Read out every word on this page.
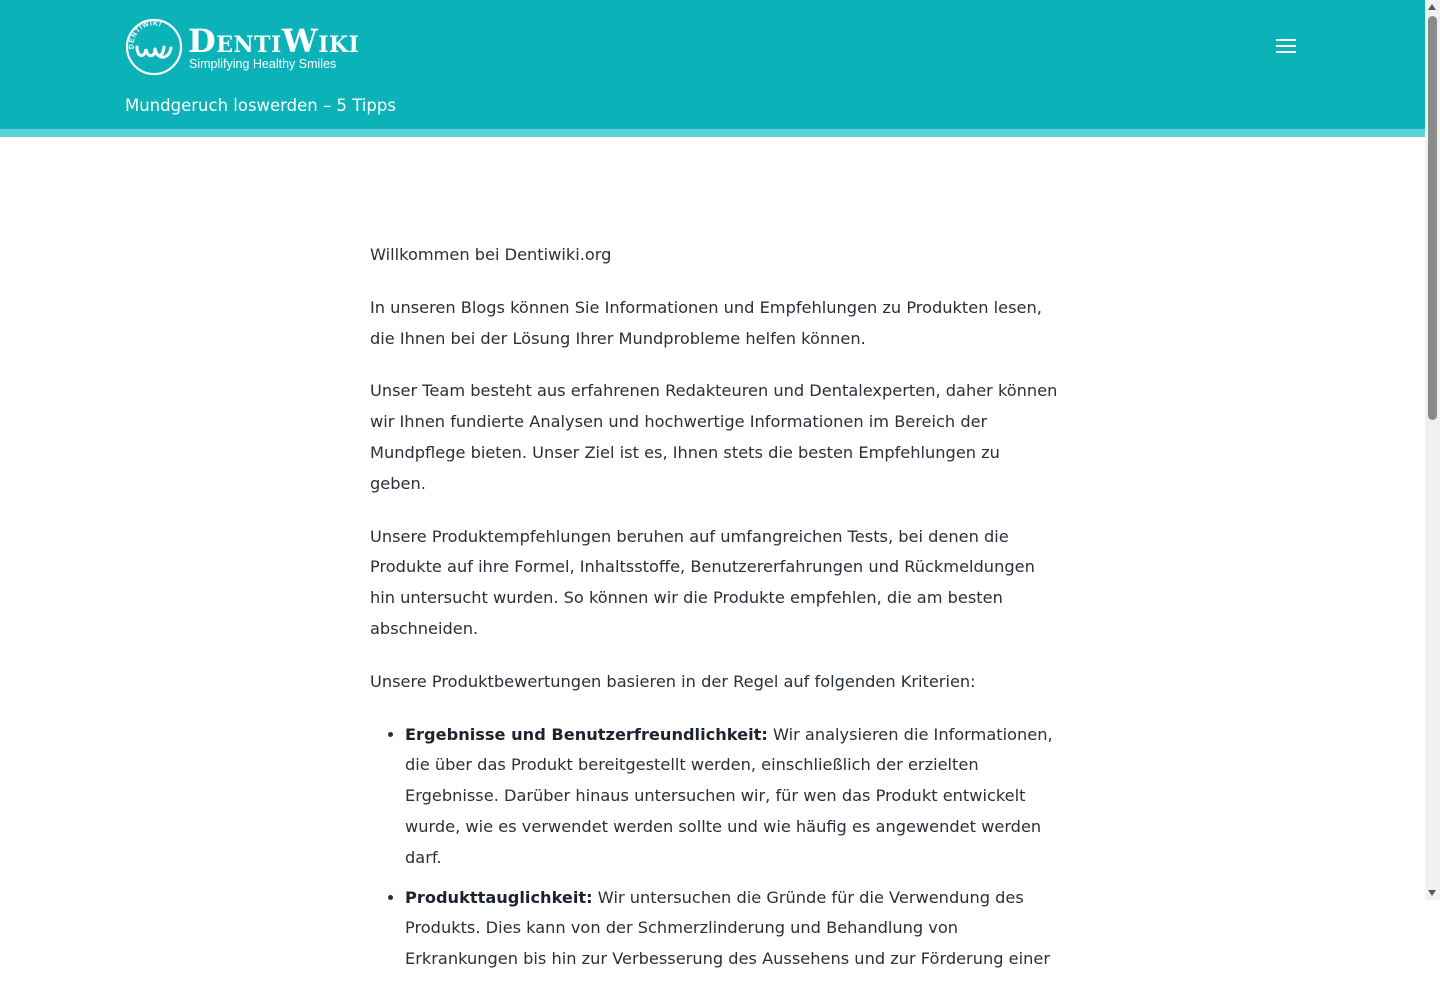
DENTIWIKI DentiWiki
Simplifying Healthy Smiles
Mundgeruch loswerden – 5 Tipps

Willkommen bei Dentiwiki.org

In unseren Blogs können Sie Informationen und Empfehlungen zu Produkten lesen, die Ihnen bei der Lösung Ihrer Mundprobleme helfen können.

Unser Team besteht aus erfahrenen Redakteuren und Dentalexperten, daher können wir Ihnen fundierte Analysen und hochwertige Informationen im Bereich der Mundpflege bieten. Unser Ziel ist es, Ihnen stets die besten Empfehlungen zu geben.

Unsere Produktempfehlungen beruhen auf umfangreichen Tests, bei denen die Produkte auf ihre Formel, Inhaltsstoffe, Benutzererfahrungen und Rückmeldungen hin untersucht wurden. So können wir die Produkte empfehlen, die am besten abschneiden.

Unsere Produktbewertungen basieren in der Regel auf folgenden Kriterien:

• Ergebnisse und Benutzerfreundlichkeit: Wir analysieren die Informationen, die über das Produkt bereitgestellt werden, einschließlich der erzielten Ergebnisse. Darüber hinaus untersuchen wir, für wen das Produkt entwickelt wurde, wie es verwendet werden sollte und wie häufig es angewendet werden darf.
• Produkttauglichkeit: Wir untersuchen die Gründe für die Verwendung des Produkts. Dies kann von der Schmerzlinderung und Behandlung von Erkrankungen bis hin zur Verbesserung des Aussehens und zur Förderung einer
